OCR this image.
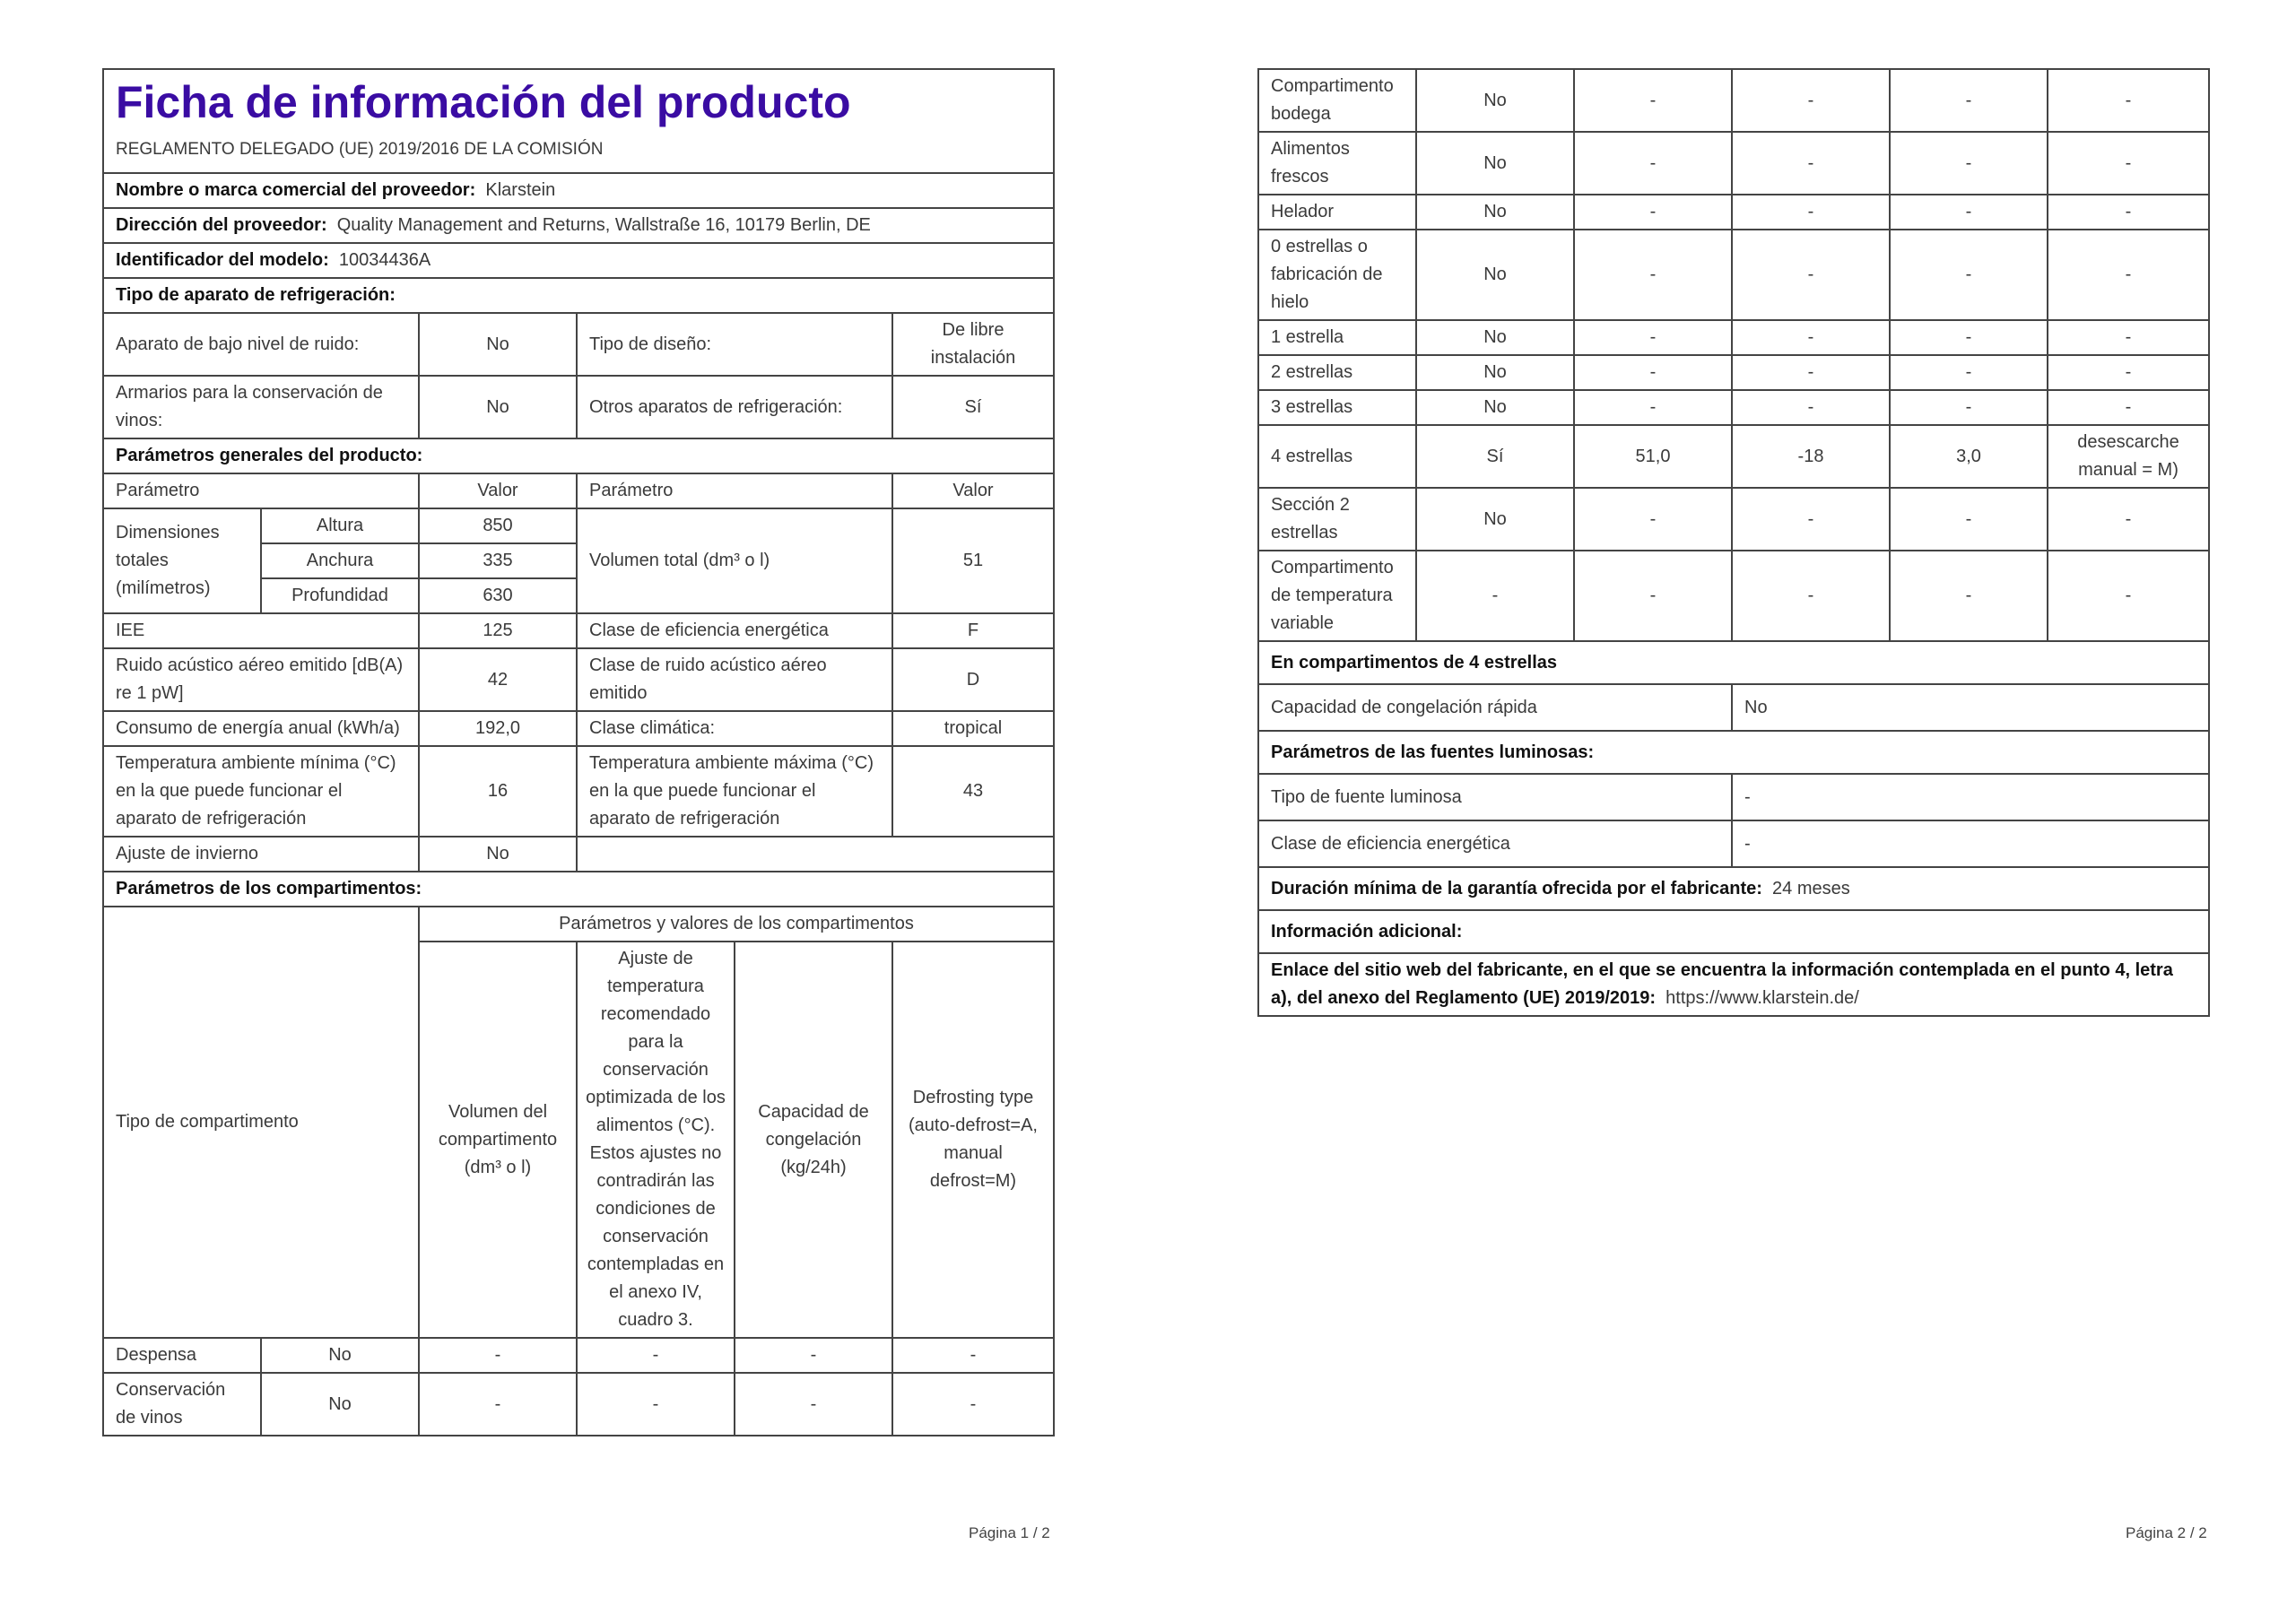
Ficha de información del producto
REGLAMENTO DELEGADO (UE) 2019/2016 DE LA COMISIÓN					

Nombre o marca comercial del proveedor: Klarstein					
Dirección del proveedor: Quality Management and Returns, Wallstraße 16, 10179 Berlin, DE					
Identificador del modelo: 10034436A					
Tipo de aparato de refrigeración:					
Aparato de bajo nivel de ruido:		No	Tipo de diseño:		De libre instalación
Armarios para la conservación de vinos:		No	Otros aparatos de refrigeración:		Sí
Parámetros generales del producto:					
Parámetro		Valor	Parámetro		Valor
Dimensiones totales (milímetros)	Altura	850	Volumen total (dm³ o l)		51
	Anchura	335			
	Profundidad	630			
IEE		125	Clase de eficiencia energética		F
Ruido acústico aéreo emitido [dB(A) re 1 pW]		42	Clase de ruido acústico aéreo emitido		D
Consumo de energía anual (kWh/a)		192,0	Clase climática:		tropical
Temperatura ambiente mínima (°C) en la que puede funcionar el aparato de refrigeración		16	Temperatura ambiente máxima (°C) en la que puede funcionar el aparato de refrigeración		43
Ajuste de invierno		No			
Parámetros de los compartimentos:					
Tipo de compartimento		Parámetros y valores de los compartimentos			
		Volumen del compartimento (dm³ o l)	Ajuste de temperatura recomendado para la conservación optimizada de los alimentos (°C). Estos ajustes no contradirán las condiciones de conservación contempladas en el anexo IV, cuadro 3.	Capacidad de congelación (kg/24h)	Defrosting type (auto-defrost=A, manual defrost=M)
Despensa	No	-	-	-	-
Conservación de vinos	No	-	-	-	-
Página 1 / 2
Compartimento bodega	No	-	-	-	-
Alimentos frescos	No	-	-	-	-
Helador	No	-	-	-	-
0 estrellas o fabricación de hielo	No	-	-	-	-
1 estrella	No	-	-	-	-
2 estrellas	No	-	-	-	-
3 estrellas	No	-	-	-	-
4 estrellas	Sí	51,0	-18	3,0	desescarche manual = M)
Sección 2 estrellas	No	-	-	-	-
Compartimento de temperatura variable	-	-	-	-	-
En compartimentos de 4 estrellas					
Capacidad de congelación rápida			No		
Parámetros de las fuentes luminosas:					
Tipo de fuente luminosa			-		
Clase de eficiencia energética			-		
Duración mínima de la garantía ofrecida por el fabricante: 24 meses					
Información adicional:					
Enlace del sitio web del fabricante, en el que se encuentra la información contemplada en el punto 4, letra a), del anexo del Reglamento (UE) 2019/2019: https://www.klarstein.de/					
Página 2 / 2
